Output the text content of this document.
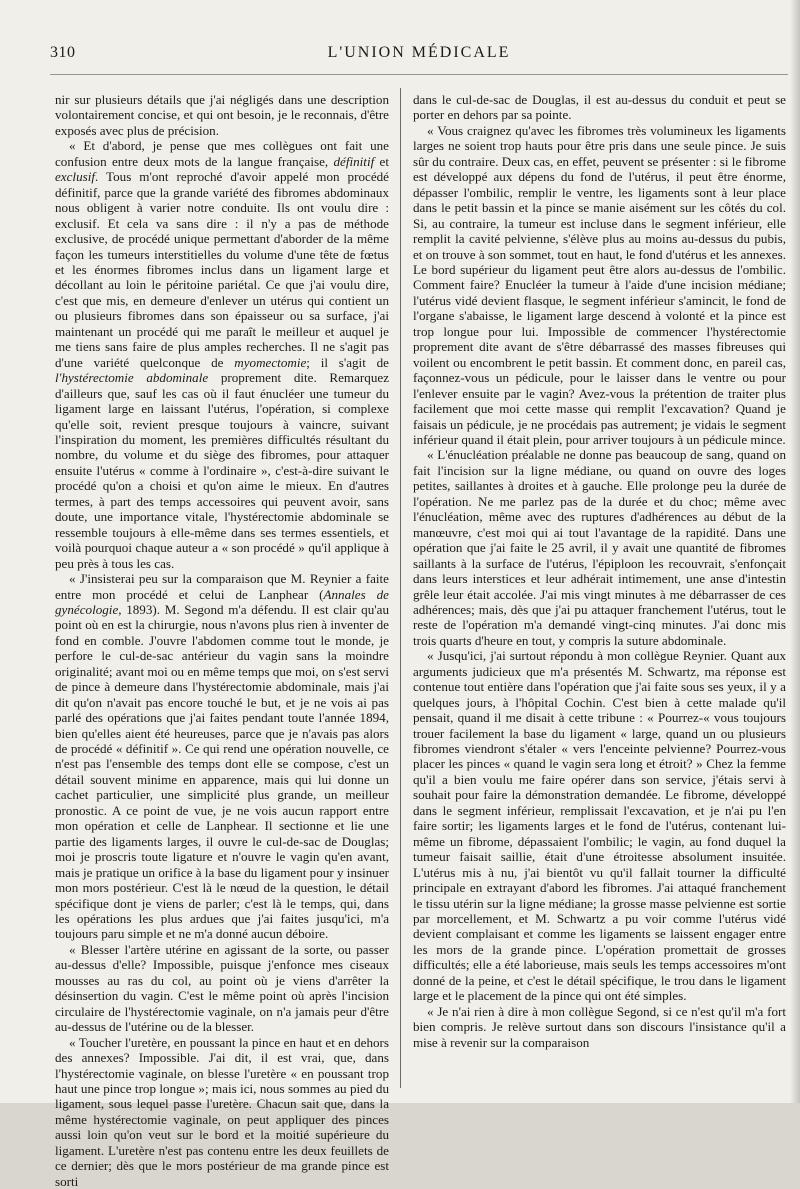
310	L'UNION MÉDICALE

nir sur plusieurs détails que j'ai négligés dans une description volontairement concise, et qui ont besoin, je le reconnais, d'être exposés avec plus de précision.

« Et d'abord, je pense que mes collègues ont fait une confusion entre deux mots de la langue française, définitif et exclusif. Tous m'ont reproché d'avoir appelé mon procédé définitif, parce que la grande variété des fibromes abdominaux nous obligent à varier notre conduite. Ils ont voulu dire : exclusif. Et cela va sans dire : il n'y a pas de méthode exclusive, de procédé unique permettant d'aborder de la même façon les tumeurs interstitielles du volume d'une tête de fœtus et les énormes fibromes inclus dans un ligament large et décollant au loin le péritoine pariétal. Ce que j'ai voulu dire, c'est que mis, en demeure d'enlever un utérus qui contient un ou plusieurs fibromes dans son épaisseur ou sa surface, j'ai maintenant un procédé qui me paraît le meilleur et auquel je me tiens sans faire de plus amples recherches. Il ne s'agit pas d'une variété quelconque de myomectomie; il s'agit de l'hystérectomie abdominale proprement dite. Remarquez d'ailleurs que, sauf les cas où il faut énucléer une tumeur du ligament large en laissant l'utérus, l'opération, si complexe qu'elle soit, revient presque toujours à vaincre, suivant l'inspiration du moment, les premières difficultés résultant du nombre, du volume et du siège des fibromes, pour attaquer ensuite l'utérus « comme à l'ordinaire », c'est-à-dire suivant le procédé qu'on a choisi et qu'on aime le mieux. En d'autres termes, à part des temps accessoires qui peuvent avoir, sans doute, une importance vitale, l'hystérectomie abdominale se ressemble toujours à elle-même dans ses termes essentiels, et voilà pourquoi chaque auteur a « son procédé » qu'il applique à peu près à tous les cas.

« J'insisterai peu sur la comparaison que M. Reynier a faite entre mon procédé et celui de Lanphear (Annales de gynécologie, 1893). M. Segond m'a défendu. Il est clair qu'au point où en est la chirurgie, nous n'avons plus rien à inventer de fond en comble. J'ouvre l'abdomen comme tout le monde, je perfore le cul-de-sac antérieur du vagin sans la moindre originalité; avant moi ou en même temps que moi, on s'est servi de pince à demeure dans l'hystérectomie abdominale, mais j'ai dit qu'on n'avait pas encore touché le but, et je ne vois ai pas parlé des opérations que j'ai faites pendant toute l'année 1894, bien qu'elles aient été heureuses, parce que je n'avais pas alors de procédé « définitif ». Ce qui rend une opération nouvelle, ce n'est pas l'ensemble des temps dont elle se compose, c'est un détail souvent minime en apparence, mais qui lui donne un cachet particulier, une simplicité plus grande, un meilleur pronostic. A ce point de vue, je ne vois aucun rapport entre mon opération et celle de Lanphear. Il sectionne et lie une partie des ligaments larges, il ouvre le cul-de-sac de Douglas; moi je proscris toute ligature et n'ouvre le vagin qu'en avant, mais je pratique un orifice à la base du ligament pour y insinuer mon mors postérieur. C'est là le nœud de la question, le détail spécifique dont je viens de parler; c'est là le temps, qui, dans les opérations les plus ardues que j'ai faites jusqu'ici, m'a toujours paru simple et ne m'a donné aucun déboire.

« Blesser l'artère utérine en agissant de la sorte, ou passer au-dessus d'elle? Impossible, puisque j'enfonce mes ciseaux mousses au ras du col, au point où je viens d'arrêter la désinsertion du vagin. C'est le même point où après l'incision circulaire de l'hystérectomie vaginale, on n'a jamais peur d'être au-dessus de l'utérine ou de la blesser.

« Toucher l'uretère, en poussant la pince en haut et en dehors des annexes? Impossible. J'ai dit, il est vrai, que, dans l'hystérectomie vaginale, on blesse l'uretère « en poussant trop haut une pince trop longue »; mais ici, nous sommes au pied du ligament, sous lequel passe l'uretère. Chacun sait que, dans la même hystérectomie vaginale, on peut appliquer des pinces aussi loin qu'on veut sur le bord et la moitié supérieure du ligament. L'uretère n'est pas contenu entre les deux feuillets de ce dernier; dès que le mors postérieur de ma grande pince est sorti

dans le cul-de-sac de Douglas, il est au-dessus du conduit et peut se porter en dehors par sa pointe.

« Vous craignez qu'avec les fibromes très volumineux les ligaments larges ne soient trop hauts pour être pris dans une seule pince. Je suis sûr du contraire. Deux cas, en effet, peuvent se présenter : si le fibrome est développé aux dépens du fond de l'utérus, il peut être énorme, dépasser l'ombilic, remplir le ventre, les ligaments sont à leur place dans le petit bassin et la pince se manie aisément sur les côtés du col. Si, au contraire, la tumeur est incluse dans le segment inférieur, elle remplit la cavité pelvienne, s'élève plus au moins au-dessus du pubis, et on trouve à son sommet, tout en haut, le fond d'utérus et les annexes. Le bord supérieur du ligament peut être alors au-dessus de l'ombilic. Comment faire? Enucléer la tumeur à l'aide d'une incision médiane; l'utérus vidé devient flasque, le segment inférieur s'amincit, le fond de l'organe s'abaisse, le ligament large descend à volonté et la pince est trop longue pour lui. Impossible de commencer l'hystérectomie proprement dite avant de s'être débarrassé des masses fibreuses qui voilent ou encombrent le petit bassin. Et comment donc, en pareil cas, façonnez-vous un pédicule, pour le laisser dans le ventre ou pour l'enlever ensuite par le vagin? Avez-vous la prétention de traiter plus facilement que moi cette masse qui remplit l'excavation? Quand je faisais un pédicule, je ne procédais pas autrement; je vidais le segment inférieur quand il était plein, pour arriver toujours à un pédicule mince.

« L'énucléation préalable ne donne pas beaucoup de sang, quand on fait l'incision sur la ligne médiane, ou quand on ouvre des loges petites, saillantes à droites et à gauche. Elle prolonge peu la durée de l'opération. Ne me parlez pas de la durée et du choc; même avec l'énucléation, même avec des ruptures d'adhérences au début de la manœuvre, c'est moi qui ai tout l'avantage de la rapidité. Dans une opération que j'ai faite le 25 avril, il y avait une quantité de fibromes saillants à la surface de l'utérus, l'épiploon les recouvrait, s'enfonçait dans leurs interstices et leur adhérait intimement, une anse d'intestin grêle leur était accolée. J'ai mis vingt minutes à me débarrasser de ces adhérences; mais, dès que j'ai pu attaquer franchement l'utérus, tout le reste de l'opération m'a demandé vingt-cinq minutes. J'ai donc mis trois quarts d'heure en tout, y compris la suture abdominale.

« Jusqu'ici, j'ai surtout répondu à mon collègue Reynier. Quant aux arguments judicieux que m'a présentés M. Schwartz, ma réponse est contenue tout entière dans l'opération que j'ai faite sous ses yeux, il y a quelques jours, à l'hôpital Cochin. C'est bien à cette malade qu'il pensait, quand il me disait à cette tribune : « Pourrez-« vous toujours trouer facilement la base du ligament « large, quand un ou plusieurs fibromes viendront s'étaler « vers l'enceinte pelvienne? Pourrez-vous placer les pinces « quand le vagin sera long et étroit? » Chez la femme qu'il a bien voulu me faire opérer dans son service, j'étais servi à souhait pour faire la démonstration demandée. Le fibrome, développé dans le segment inférieur, remplissait l'excavation, et je n'ai pu l'en faire sortir; les ligaments larges et le fond de l'utérus, contenant lui-même un fibrome, dépassaient l'ombilic; le vagin, au fond duquel la tumeur faisait saillie, était d'une étroitesse absolument insuitée. L'utérus mis à nu, j'ai bientôt vu qu'il fallait tourner la difficulté principale en extrayant d'abord les fibromes. J'ai attaqué franchement le tissu utérin sur la ligne médiane; la grosse masse pelvienne est sortie par morcellement, et M. Schwartz a pu voir comme l'utérus vidé devient complaisant et comme les ligaments se laissent engager entre les mors de la grande pince. L'opération promettait de grosses difficultés; elle a été laborieuse, mais seuls les temps accessoires m'ont donné de la peine, et c'est le détail spécifique, le trou dans le ligament large et le placement de la pince qui ont été simples.

« Je n'ai rien à dire à mon collègue Segond, si ce n'est qu'il m'a fort bien compris. Je relève surtout dans son discours l'insistance qu'il a mise à revenir sur la comparaison
